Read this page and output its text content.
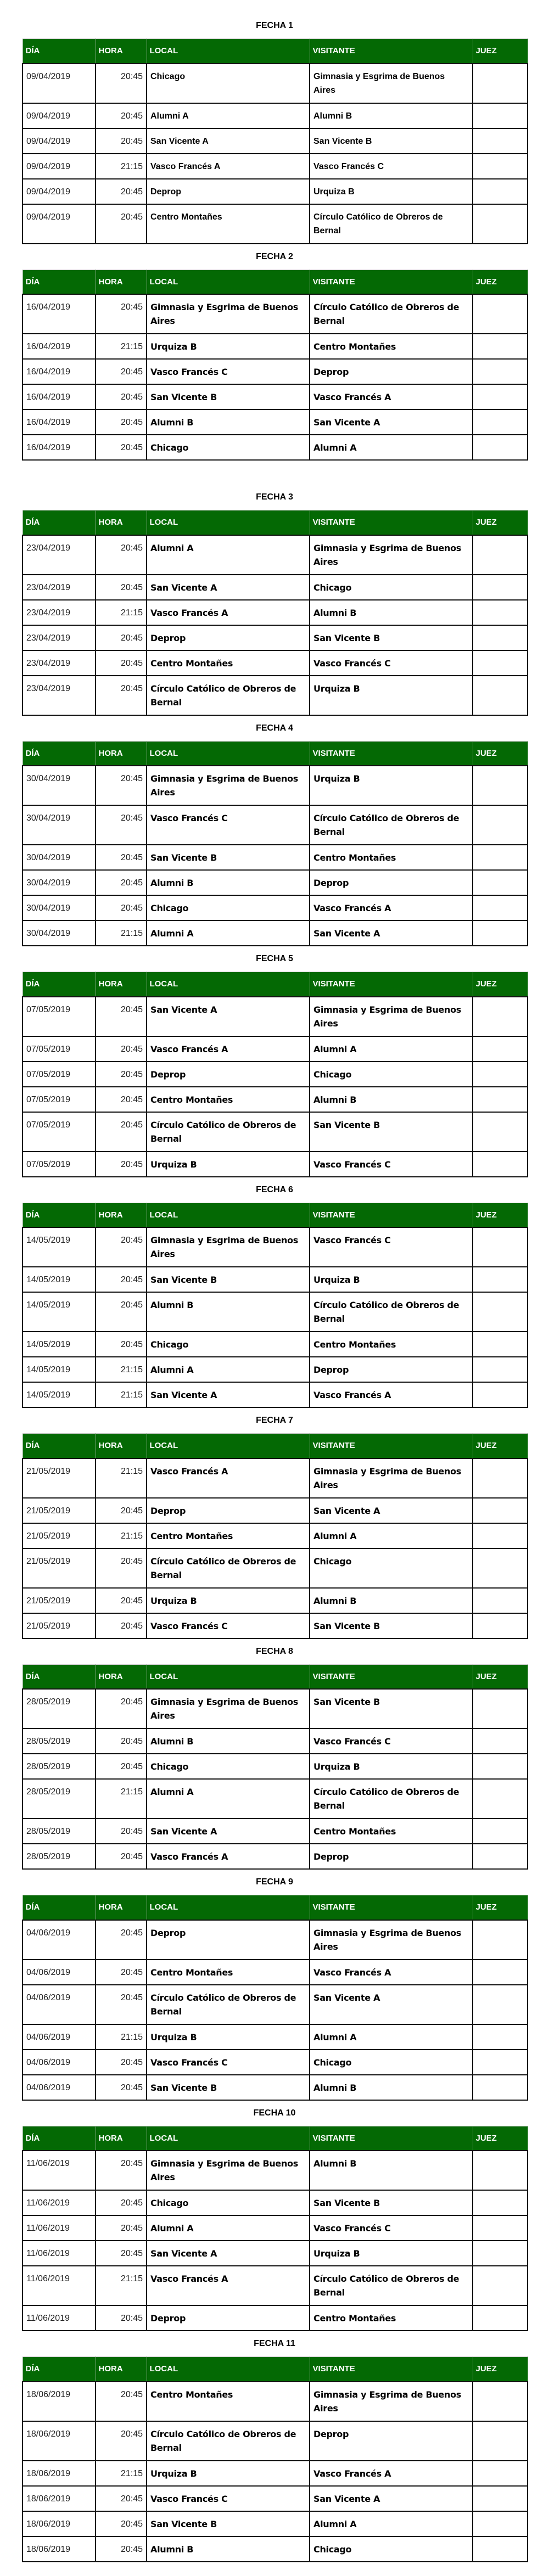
FECHA 1
DÍA	HORA	LOCAL	VISITANTE	JUEZ
09/04/2019	20:45	Chicago	Gimnasia y Esgrima de Buenos Aires	
09/04/2019	20:45	Alumni A	Alumni B	
09/04/2019	20:45	San Vicente A	San Vicente B	
09/04/2019	21:15	Vasco Francés A	Vasco Francés C	
09/04/2019	20:45	Deprop	Urquiza B	
09/04/2019	20:45	Centro Montañes	Círculo Católico de Obreros de Bernal	
FECHA 2
DÍA	HORA	LOCAL	VISITANTE	JUEZ
16/04/2019	20:45	Gimnasia y Esgrima de Buenos Aires	Círculo Católico de Obreros de Bernal	
16/04/2019	21:15	Urquiza B	Centro Montañes	
16/04/2019	20:45	Vasco Francés C	Deprop	
16/04/2019	20:45	San Vicente B	Vasco Francés A	
16/04/2019	20:45	Alumni B	San Vicente A	
16/04/2019	20:45	Chicago	Alumni A	
FECHA 3
DÍA	HORA	LOCAL	VISITANTE	JUEZ
23/04/2019	20:45	Alumni A	Gimnasia y Esgrima de Buenos Aires	
23/04/2019	20:45	San Vicente A	Chicago	
23/04/2019	21:15	Vasco Francés A	Alumni B	
23/04/2019	20:45	Deprop	San Vicente B	
23/04/2019	20:45	Centro Montañes	Vasco Francés C	
23/04/2019	20:45	Círculo Católico de Obreros de Bernal	Urquiza B	
FECHA 4
DÍA	HORA	LOCAL	VISITANTE	JUEZ
30/04/2019	20:45	Gimnasia y Esgrima de Buenos Aires	Urquiza B	
30/04/2019	20:45	Vasco Francés C	Círculo Católico de Obreros de Bernal	
30/04/2019	20:45	San Vicente B	Centro Montañes	
30/04/2019	20:45	Alumni B	Deprop	
30/04/2019	20:45	Chicago	Vasco Francés A	
30/04/2019	21:15	Alumni A	San Vicente A	
FECHA 5
DÍA	HORA	LOCAL	VISITANTE	JUEZ
07/05/2019	20:45	San Vicente A	Gimnasia y Esgrima de Buenos Aires	
07/05/2019	20:45	Vasco Francés A	Alumni A	
07/05/2019	20:45	Deprop	Chicago	
07/05/2019	20:45	Centro Montañes	Alumni B	
07/05/2019	20:45	Círculo Católico de Obreros de Bernal	San Vicente B	
07/05/2019	20:45	Urquiza B	Vasco Francés C	
FECHA 6
DÍA	HORA	LOCAL	VISITANTE	JUEZ
14/05/2019	20:45	Gimnasia y Esgrima de Buenos Aires	Vasco Francés C	
14/05/2019	20:45	San Vicente B	Urquiza B	
14/05/2019	20:45	Alumni B	Círculo Católico de Obreros de Bernal	
14/05/2019	20:45	Chicago	Centro Montañes	
14/05/2019	21:15	Alumni A	Deprop	
14/05/2019	21:15	San Vicente A	Vasco Francés A	
FECHA 7
DÍA	HORA	LOCAL	VISITANTE	JUEZ
21/05/2019	21:15	Vasco Francés A	Gimnasia y Esgrima de Buenos Aires	
21/05/2019	20:45	Deprop	San Vicente A	
21/05/2019	21:15	Centro Montañes	Alumni A	
21/05/2019	20:45	Círculo Católico de Obreros de Bernal	Chicago	
21/05/2019	20:45	Urquiza B	Alumni B	
21/05/2019	20:45	Vasco Francés C	San Vicente B	
FECHA 8
DÍA	HORA	LOCAL	VISITANTE	JUEZ
28/05/2019	20:45	Gimnasia y Esgrima de Buenos Aires	San Vicente B	
28/05/2019	20:45	Alumni B	Vasco Francés C	
28/05/2019	20:45	Chicago	Urquiza B	
28/05/2019	21:15	Alumni A	Círculo Católico de Obreros de Bernal	
28/05/2019	20:45	San Vicente A	Centro Montañes	
28/05/2019	20:45	Vasco Francés A	Deprop	
FECHA 9
DÍA	HORA	LOCAL	VISITANTE	JUEZ
04/06/2019	20:45	Deprop	Gimnasia y Esgrima de Buenos Aires	
04/06/2019	20:45	Centro Montañes	Vasco Francés A	
04/06/2019	20:45	Círculo Católico de Obreros de Bernal	San Vicente A	
04/06/2019	21:15	Urquiza B	Alumni A	
04/06/2019	20:45	Vasco Francés C	Chicago	
04/06/2019	20:45	San Vicente B	Alumni B	
FECHA 10
DÍA	HORA	LOCAL	VISITANTE	JUEZ
11/06/2019	20:45	Gimnasia y Esgrima de Buenos Aires	Alumni B	
11/06/2019	20:45	Chicago	San Vicente B	
11/06/2019	20:45	Alumni A	Vasco Francés C	
11/06/2019	20:45	San Vicente A	Urquiza B	
11/06/2019	21:15	Vasco Francés A	Círculo Católico de Obreros de Bernal	
11/06/2019	20:45	Deprop	Centro Montañes	
FECHA 11
DÍA	HORA	LOCAL	VISITANTE	JUEZ
18/06/2019	20:45	Centro Montañes	Gimnasia y Esgrima de Buenos Aires	
18/06/2019	20:45	Círculo Católico de Obreros de Bernal	Deprop	
18/06/2019	21:15	Urquiza B	Vasco Francés A	
18/06/2019	20:45	Vasco Francés C	San Vicente A	
18/06/2019	20:45	San Vicente B	Alumni A	
18/06/2019	20:45	Alumni B	Chicago	
